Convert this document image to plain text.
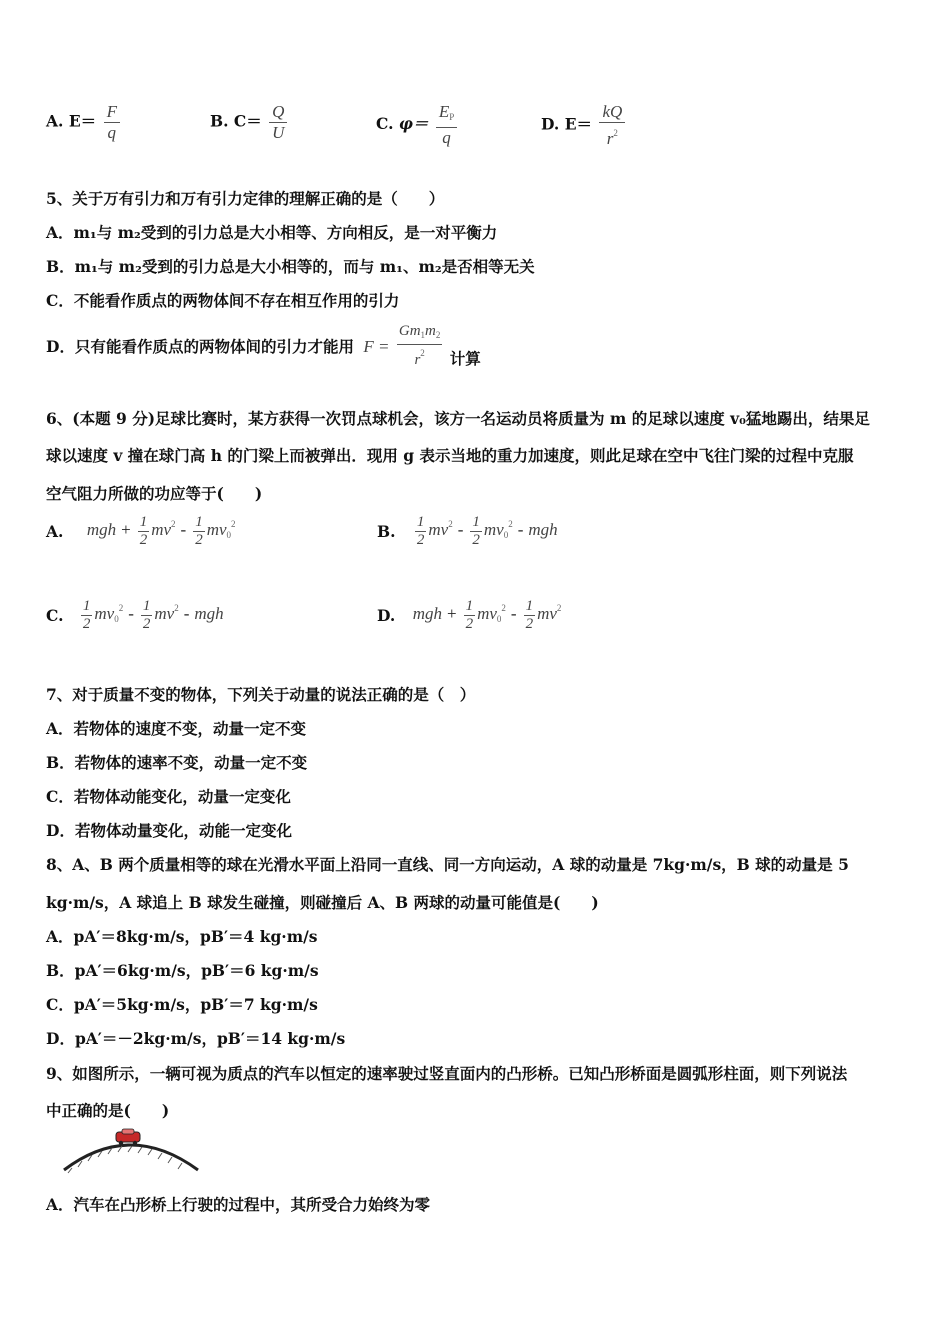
A. $E= \frac{F}{q}$	B. $C= \frac{Q}{U}$	C. $\varphi= \frac{E_P}{q}$	D. $E= \frac{kQ}{r^2}$
5、关于万有引力和万有引力定律的理解正确的是（　　）
A．m₁与 m₂受到的引力总是大小相等、方向相反，是一对平衡力
B．m₁与 m₂受到的引力总是大小相等的，而与 m₁、m₂是否相等无关
C．不能看作质点的两物体间不存在相互作用的引力
D．只有能看作质点的两物体间的引力才能用 $F = \frac{Gm_1m_2}{r^2}$ 计算
6、(本题 9 分)足球比赛时，某方获得一次罚点球机会，该方一名运动员将质量为 m 的足球以速度 v₀猛地踢出，结果足
球以速度 v 撞在球门高 h 的门梁上而被弹出．现用 g 表示当地的重力加速度，则此足球在空中飞往门梁的过程中克服
空气阻力所做的功应等于(　　)
A. mgh + $\frac{1}{2} mv^2 - \frac{1}{2} mv_0^2$	B. $\frac{1}{2} mv^2 - \frac{1}{2} mv_0^2$ - mgh
C. $\frac{1}{2} mv_0^2 - \frac{1}{2} mv^2$ - mgh	D. mgh + $\frac{1}{2} mv_0^2 - \frac{1}{2} mv^2$
7、对于质量不变的物体，下列关于动量的说法正确的是（　）
A．若物体的速度不变，动量一定不变
B．若物体的速率不变，动量一定不变
C．若物体动能变化，动量一定变化
D．若物体动量变化，动能一定变化
8、A、B 两个质量相等的球在光滑水平面上沿同一直线、同一方向运动，A 球的动量是 7kg·m/s，B 球的动量是 5
kg·m/s，A 球追上 B 球发生碰撞，则碰撞后 A、B 两球的动量可能值是(　　)
A．pA′＝8kg·m/s，pB′＝4 kg·m/s
B．pA′＝6kg·m/s，pB′＝6 kg·m/s
C．pA′＝5kg·m/s，pB′＝7 kg·m/s
D．pA′＝－2kg·m/s，pB′＝14 kg·m/s
9、如图所示，一辆可视为质点的汽车以恒定的速率驶过竖直面内的凸形桥。已知凸形桥面是圆弧形柱面，则下列说法
中正确的是(　　)
A．汽车在凸形桥上行驶的过程中，其所受合力始终为零
